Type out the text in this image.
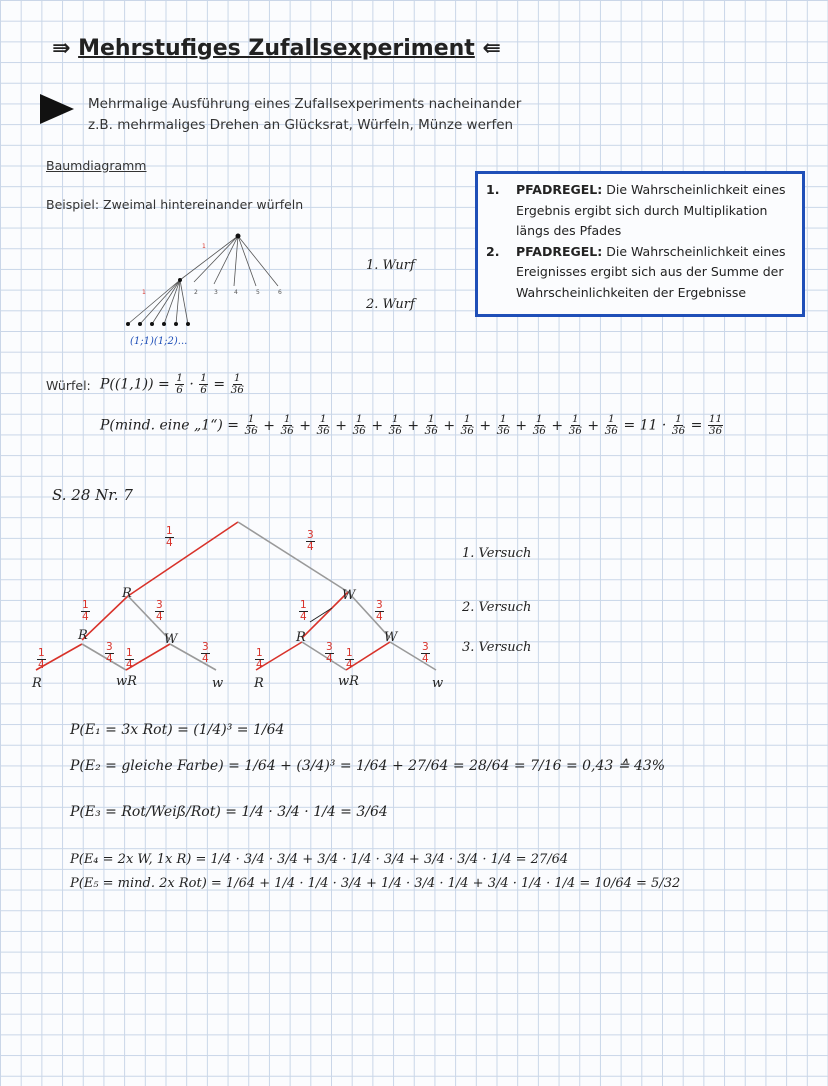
⇛ Mehrstufiges Zufallsexperiment ⇚
Mehrmalige Ausführung eines Zufallsexperiments nacheinander
z.B. mehrmaliges Drehen an Glücksrat, Würfeln, Münze werfen
Baumdiagramm
Beispiel: Zweimal hintereinander würfeln
1
1	2	3	4	5	6
(1;1)(1;2)...
1. Wurf
2. Wurf
1. PFADREGEL: Die Wahrscheinlichkeit eines Ergebnis ergibt sich durch Multiplikation längs des Pfades
2. PFADREGEL: Die Wahrscheinlichkeit eines Ereignisses ergibt sich aus der Summe der Wahrscheinlichkeiten der Ergebnisse
Würfel: $P((1,1)) = \frac{1}{6} \cdot \frac{1}{6} = \frac{1}{36}$
P(mind. eine „1“) = $\frac{1}{36} + \frac{1}{36} + \frac{1}{36} + \frac{1}{36} + \frac{1}{36} + \frac{1}{36} + \frac{1}{36} + \frac{1}{36} + \frac{1}{36} + \frac{1}{36} + \frac{1}{36} = 11 \cdot \frac{1}{36} = \frac{11}{36}$
S. 28 Nr. 7
$\frac{1}{4}$	$\frac{3}{4}$
$\frac{1}{4}$	$\frac{3}{4}$	$\frac{1}{4}$	$\frac{3}{4}$
$\frac{1}{4}$	$\frac{3}{4} \frac{1}{4}$	$\frac{3}{4}$	$\frac{1}{4}$	$\frac{3}{4} \frac{1}{4}$	$\frac{3}{4}$
R	W
R	W	R	W
R	wR	w R	wR	w
1. Versuch
2. Versuch
3. Versuch
P(E₁ = 3x Rot) = (1/4)³ = 1/64
P(E₂ = gleiche Farbe) = 1/64 + (3/4)³ = 1/64 + 27/64 = 28/64 = 7/16 = 0,43 ≙ 43%
P(E₃ = Rot/Weiß/Rot) = 1/4 · 3/4 · 1/4 = 3/64
P(E₄ = 2x W, 1x R) = 1/4 · 3/4 · 3/4 + 3/4 · 1/4 · 3/4 + 3/4 · 3/4 · 1/4 = 27/64
P(E₅ = mind. 2x Rot) = 1/64 + 1/4 · 1/4 · 3/4 + 1/4 · 3/4 · 1/4 + 3/4 · 1/4 · 1/4 = 10/64 = 5/32
